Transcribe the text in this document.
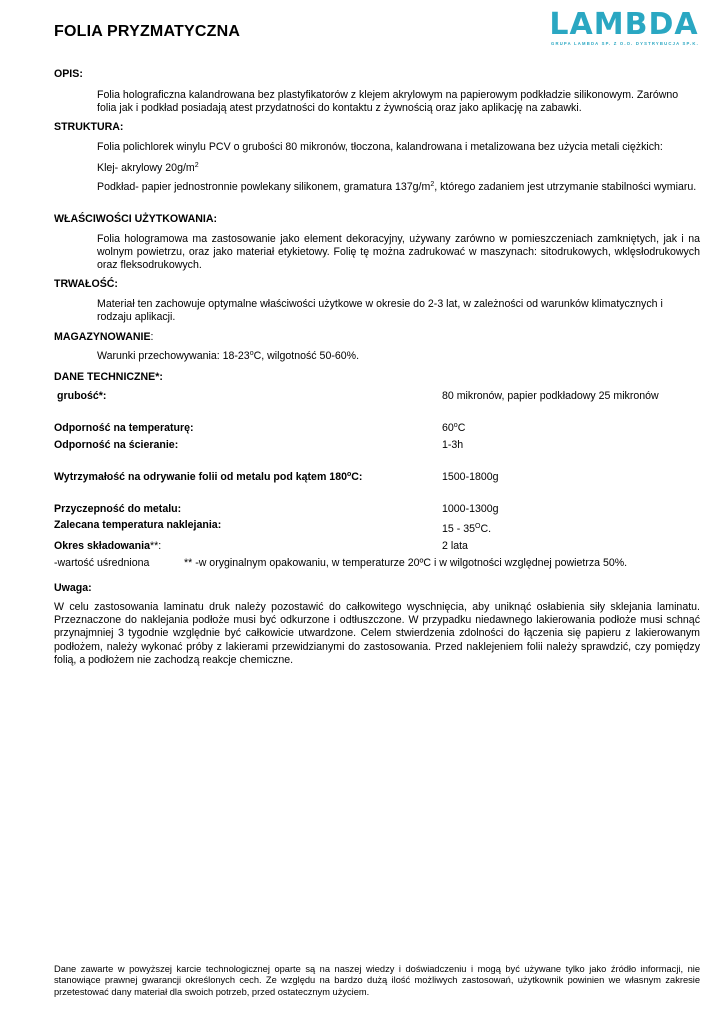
FOLIA PRYZMATYCZNA	LAMBDA
GRUPA LAMBDA SP. Z O.O. DYSTRYBUCJA SP.K.
OPIS:
Folia holograficzna kalandrowana bez plastyfikatorów z klejem akrylowym na papierowym podkładzie silikonowym. Zarówno folia jak i podkład posiadają atest przydatności do kontaktu z żywnością oraz jako aplikację na zabawki.
STRUKTURA:
Folia polichlorek winylu PCV o grubości 80 mikronów, tłoczona, kalandrowana i metalizowana bez użycia metali ciężkich:
Klej- akrylowy $20g/m^2$
Podkład- papier jednostronnie powlekany silikonem, gramatura $137g/m^2$, którego zadaniem jest utrzymanie stabilności wymiaru.
WŁAŚCIWOŚCI UŻYTKOWANIA:
Folia hologramowa ma zastosowanie jako element dekoracyjny, używany zarówno w pomieszczeniach zamkniętych, jak i na wolnym powietrzu, oraz jako materiał etykietowy. Folię tę można zadrukować w maszynach: sitodrukowych, wklęsłodrukowych oraz fleksodrukowych.
TRWAŁOŚĆ:
Materiał ten zachowuje optymalne właściwości użytkowe w okresie do 2-3 lat, w zależności od warunków klimatycznych i rodzaju aplikacji.
MAGAZYNOWANIE:
Warunki przechowywania: 18-23$^o$C, wilgotność 50-60%.
DANE TECHNICZNE*:
grubość*:	80 mikronów, papier podkładowy 25 mikronów
Odporność na temperaturę:	60$^o$C
Odporność na ścieranie:	1-3h
Wytrzymałość na odrywanie folii od metalu pod kątem 180$^o$C:	1500-1800g
Przyczepność do metalu:	1000-1300g
Zalecana temperatura naklejania:	$15 - 35^OC$.
Okres składowania**:	2 lata
-wartość uśredniona	** -w oryginalnym opakowaniu, w temperaturze 20ºC i w wilgotności względnej powietrza 50%.
Uwaga:
W celu zastosowania laminatu druk należy pozostawić do całkowitego wyschnięcia, aby uniknąć osłabienia siły sklejania laminatu. Przeznaczone do naklejania podłoże musi być odkurzone i odtłuszczone. W przypadku niedawnego lakierowania podłoże musi schnąć przynajmniej 3 tygodnie względnie być całkowicie utwardzone. Celem stwierdzenia zdolności do łączenia się papieru z lakierowanym podłożem, należy wykonać próby z lakierami przewidzianymi do zastosowania. Przed naklejeniem folii należy sprawdzić, czy pomiędzy folią, a podłożem nie zachodzą reakcje chemiczne.
Dane zawarte w powyższej karcie technologicznej oparte są na naszej wiedzy i doświadczeniu i mogą być używane tylko jako źródło informacji, nie stanowiące prawnej gwarancji określonych cech. Ze względu na bardzo dużą ilość możliwych zastosowań, użytkownik powinien we własnym zakresie przetestować dany materiał dla swoich potrzeb, przed ostatecznym użyciem.
